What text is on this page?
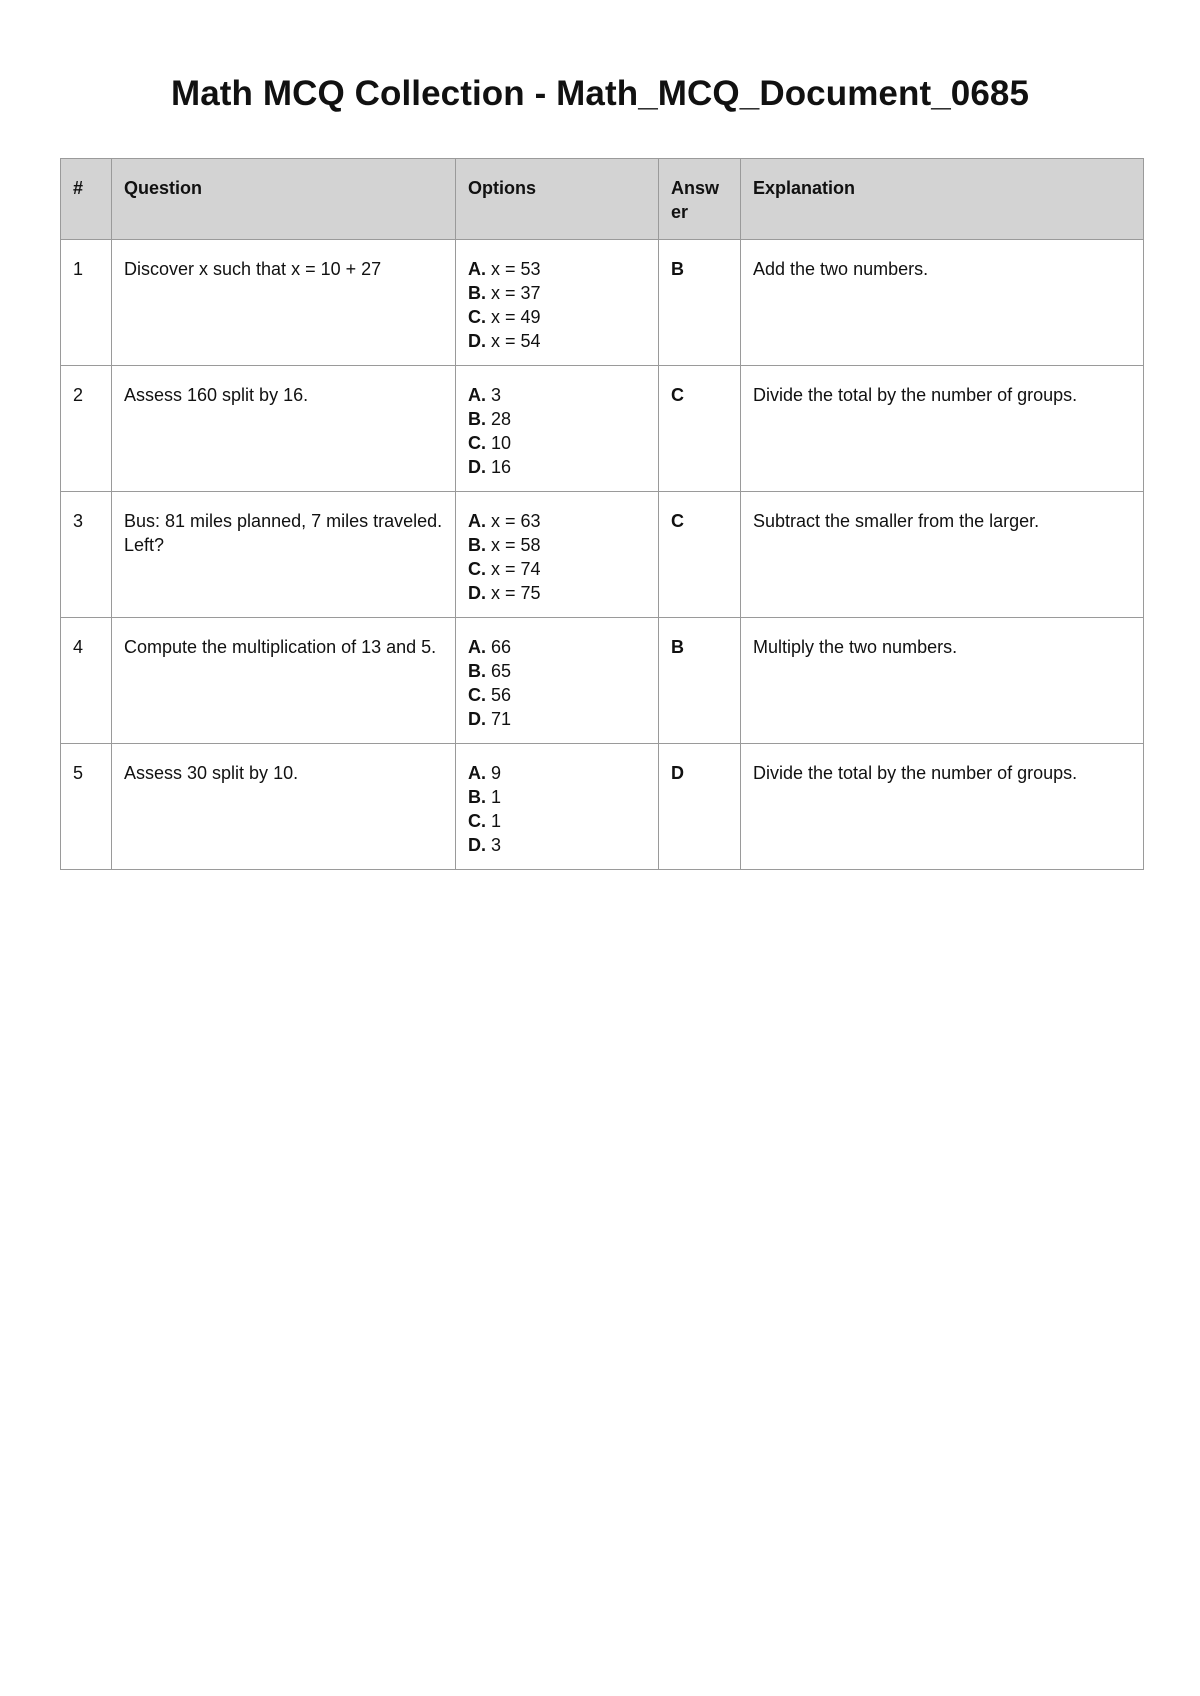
Math MCQ Collection - Math_MCQ_Document_0685
#	Question	Options	Answ er	Explanation
1	Discover x such that x = 10 + 27	A. x = 53
B. x = 37
C. x = 49
D. x = 54	B	Add the two numbers.
2	Assess 160 split by 16.	A. 3
B. 28
C. 10
D. 16	C	Divide the total by the number of groups.
3	Bus: 81 miles planned, 7 miles traveled. Left?	A. x = 63
B. x = 58
C. x = 74
D. x = 75	C	Subtract the smaller from the larger.
4	Compute the multiplication of 13 and 5.	A. 66
B. 65
C. 56
D. 71	B	Multiply the two numbers.
5	Assess 30 split by 10.	A. 9
B. 1
C. 1
D. 3	D	Divide the total by the number of groups.
